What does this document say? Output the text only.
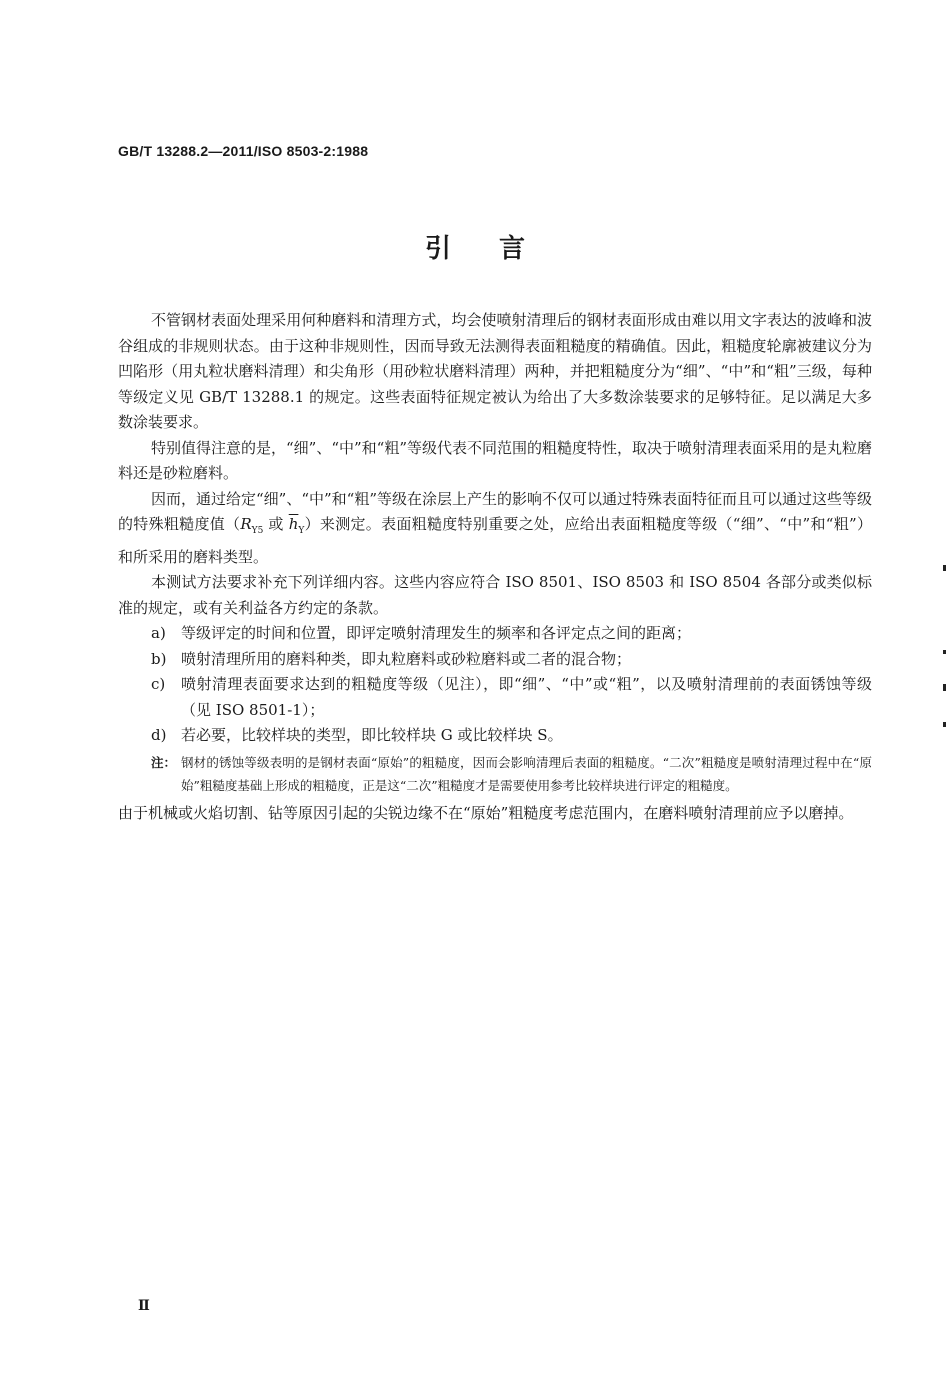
GB/T 13288.2—2011/ISO 8503-2:1988
引言

不管钢材表面处理采用何种磨料和清理方式，均会使喷射清理后的钢材表面形成由难以用文字表达的波峰和波谷组成的非规则状态。由于这种非规则性，因而导致无法测得表面粗糙度的精确值。因此，粗糙度轮廓被建议分为凹陷形（用丸粒状磨料清理）和尖角形（用砂粒状磨料清理）两种，并把粗糙度分为“细”、“中”和“粗”三级，每种等级定义见 GB/T 13288.1 的规定。这些表面特征规定被认为给出了大多数涂装要求的足够特征。足以满足大多数涂装要求。

特别值得注意的是，“细”、“中”和“粗”等级代表不同范围的粗糙度特性，取决于喷射清理表面采用的是丸粒磨料还是砂粒磨料。

因而，通过给定“细”、“中”和“粗”等级在涂层上产生的影响不仅可以通过特殊表面特征而且可以通过这些等级的特殊粗糙度值（$R_{Y5}$ 或 $\overline{h}_Y$）来测定。表面粗糙度特别重要之处，应给出表面粗糙度等级（“细”、“中”和“粗”）和所采用的磨料类型。

本测试方法要求补充下列详细内容。这些内容应符合 ISO 8501、ISO 8503 和 ISO 8504 各部分或类似标准的规定，或有关利益各方约定的条款。

a)	等级评定的时间和位置，即评定喷射清理发生的频率和各评定点之间的距离；
b) 喷射清理所用的磨料种类，即丸粒磨料或砂粒磨料或二者的混合物；
c)	喷射清理表面要求达到的粗糙度等级（见注），即“细”、“中”或“粗”，以及喷射清理前的表面锈蚀等级（见 ISO 8501-1）；
d) 若必要，比较样块的类型，即比较样块 G 或比较样块 S。
注： 钢材的锈蚀等级表明的是钢材表面“原始”的粗糙度，因而会影响清理后表面的粗糙度。“二次”粗糙度是喷射清理过程中在“原始”粗糙度基础上形成的粗糙度，正是这“二次”粗糙度才是需要使用参考比较样块进行评定的粗糙度。

由于机械或火焰切割、钻等原因引起的尖锐边缘不在“原始”粗糙度考虑范围内，在磨料喷射清理前应予以磨掉。

Ⅱ
